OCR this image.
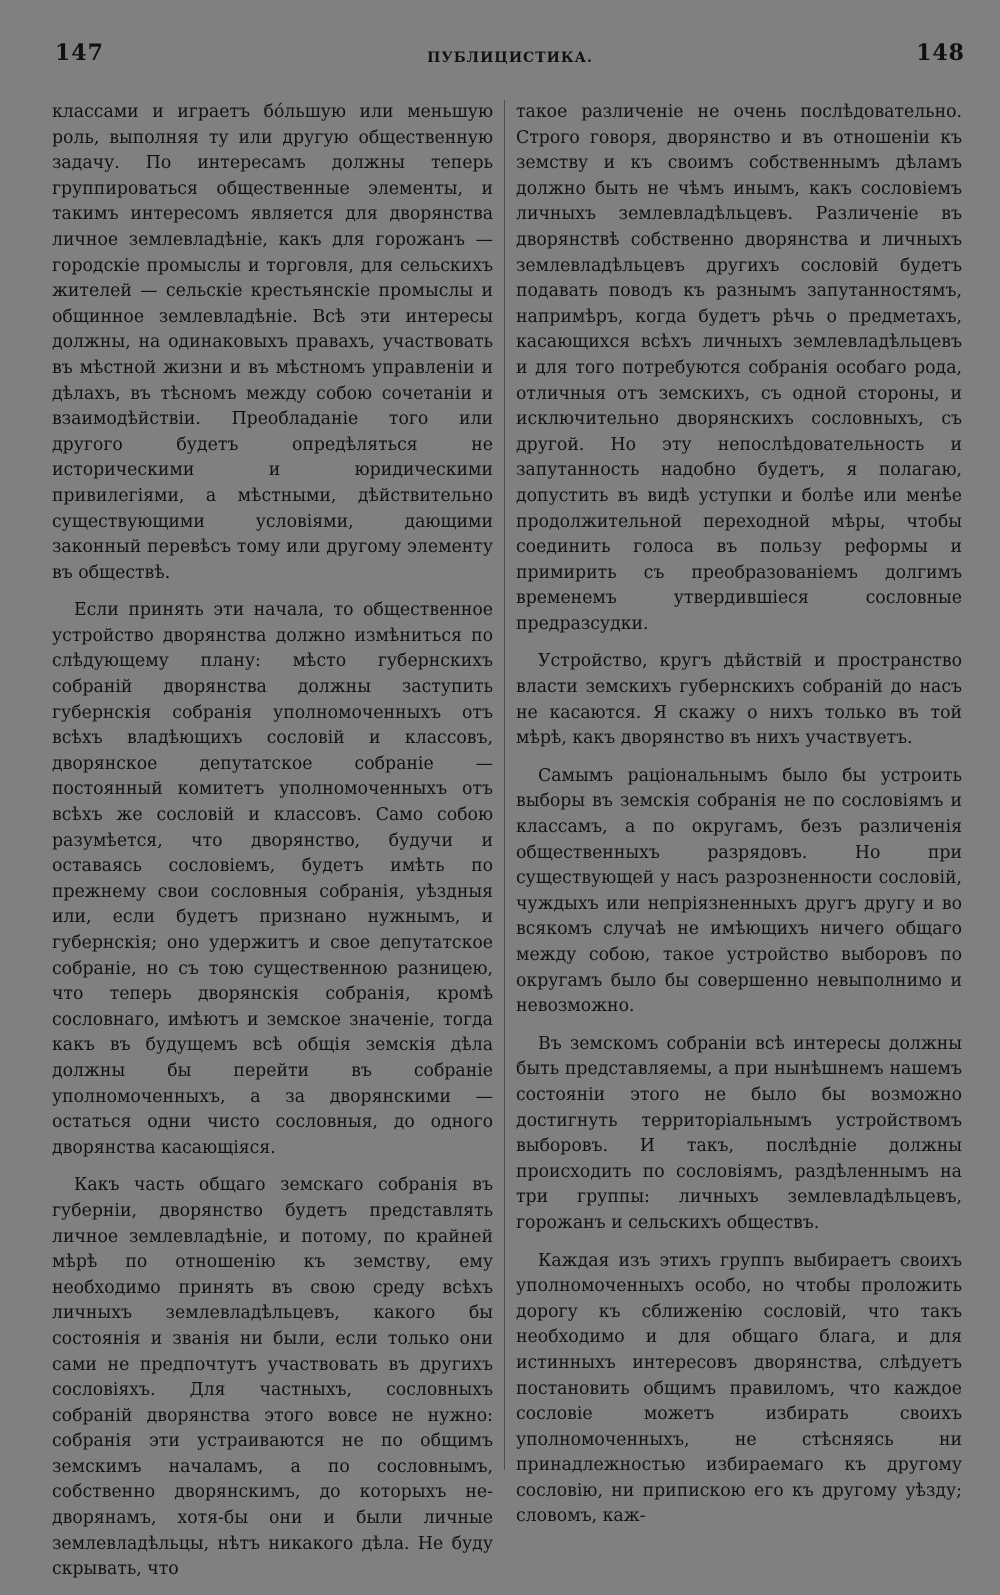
147	ПУБЛИЦИСТИКА.	148

классами и играетъ бо́льшую или меньшую роль, выполняя ту или другую общественную задачу. По интересамъ должны теперь группироваться общественные элементы, и такимъ интересомъ является для дворянства личное землевладѣніе, какъ для горожанъ — городскіе промыслы и торговля, для сельскихъ жителей — сельскіе крестьянскіе промыслы и общинное землевладѣніе. Всѣ эти интересы должны, на одинаковыхъ правахъ, участвовать въ мѣстной жизни и въ мѣстномъ управленіи и дѣлахъ, въ тѣсномъ между собою сочетаніи и взаимодѣйствіи. Преобладаніе того или другого будетъ опредѣляться не историческими и юридическими привилегіями, а мѣстными, дѣйствительно существующими условіями, дающими законный перевѣсъ тому или другому элементу въ обществѣ.

Если принять эти начала, то общественное устройство дворянства должно измѣниться по слѣдующему плану: мѣсто губернскихъ собраній дворянства должны заступить губернскія собранія уполномоченныхъ отъ всѣхъ владѣющихъ сословій и классовъ, дворянское депутатское собраніе — постоянный комитетъ уполномоченныхъ отъ всѣхъ же сословій и классовъ. Само собою разумѣется, что дворянство, будучи и оставаясь сословіемъ, будетъ имѣть по прежнему свои сословныя собранія, уѣздныя или, если будетъ признано нужнымъ, и губернскія; оно удержитъ и свое депутатское собраніе, но съ тою существенною разницею, что теперь дворянскія собранія, кромѣ сословнаго, имѣютъ и земское значеніе, тогда какъ въ будущемъ всѣ общія земскія дѣла должны бы перейти въ собраніе уполномоченныхъ, а за дворянскими — остаться одни чисто сословныя, до одного дворянства касающіяся.

Какъ часть общаго земскаго собранія въ губерніи, дворянство будетъ представлять личное землевладѣніе, и потому, по крайней мѣрѣ по отношенію къ земству, ему необходимо принять въ свою среду всѣхъ личныхъ землевладѣльцевъ, какого бы состоянія и званія ни были, если только они сами не предпочтутъ участвовать въ другихъ сословіяхъ. Для частныхъ, сословныхъ собраній дворянства этого вовсе не нужно: собранія эти устраиваются не по общимъ земскимъ началамъ, а по сословнымъ, собственно дворянскимъ, до которыхъ не-дворянамъ, хотя-бы они и были личные землевладѣльцы, нѣтъ никакого дѣла. Не буду скрывать, что

такое различеніе не очень послѣдовательно. Строго говоря, дворянство и въ отношеніи къ земству и къ своимъ собственнымъ дѣламъ должно быть не чѣмъ инымъ, какъ сословіемъ личныхъ землевладѣльцевъ. Различеніе въ дворянствѣ собственно дворянства и личныхъ землевладѣльцевъ другихъ сословій будетъ подавать поводъ къ разнымъ запутанностямъ, напримѣръ, когда будетъ рѣчь о предметахъ, касающихся всѣхъ личныхъ землевладѣльцевъ и для того потребуются собранія особаго рода, отличныя отъ земскихъ, съ одной стороны, и исключительно дворянскихъ сословныхъ, съ другой. Но эту непослѣдовательность и запутанность надобно будетъ, я полагаю, допустить въ видѣ уступки и болѣе или менѣе продолжительной переходной мѣры, чтобы соединить голоса въ пользу реформы и примирить съ преобразованіемъ долгимъ временемъ утвердившіеся сословные предразсудки.

Устройство, кругъ дѣйствій и пространство власти земскихъ губернскихъ собраній до насъ не касаются. Я скажу о нихъ только въ той мѣрѣ, какъ дворянство въ нихъ участвуетъ.

Самымъ раціональнымъ было бы устроить выборы въ земскія собранія не по сословіямъ и классамъ, а по округамъ, безъ различенія общественныхъ разрядовъ. Но при существующей у насъ разрозненности сословій, чуждыхъ или непріязненныхъ другъ другу и во всякомъ случаѣ не имѣющихъ ничего общаго между собою, такое устройство выборовъ по округамъ было бы совершенно невыполнимо и невозможно.

Въ земскомъ собраніи всѣ интересы должны быть представляемы, а при нынѣшнемъ нашемъ состояніи этого не было бы возможно достигнуть территоріальнымъ устройствомъ выборовъ. И такъ, послѣдніе должны происходить по сословіямъ, раздѣленнымъ на три группы: личныхъ землевладѣльцевъ, горожанъ и сельскихъ обществъ.

Каждая изъ этихъ группъ выбираетъ своихъ уполномоченныхъ особо, но чтобы проложить дорогу къ сближенію сословій, что такъ необходимо и для общаго блага, и для истинныхъ интересовъ дворянства, слѣдуетъ постановить общимъ правиломъ, что каждое сословіе можетъ избирать своихъ уполномоченныхъ, не стѣсняясь ни принадлежностью избираемаго къ другому сословію, ни припискою его къ другому уѣзду; словомъ, каж-
